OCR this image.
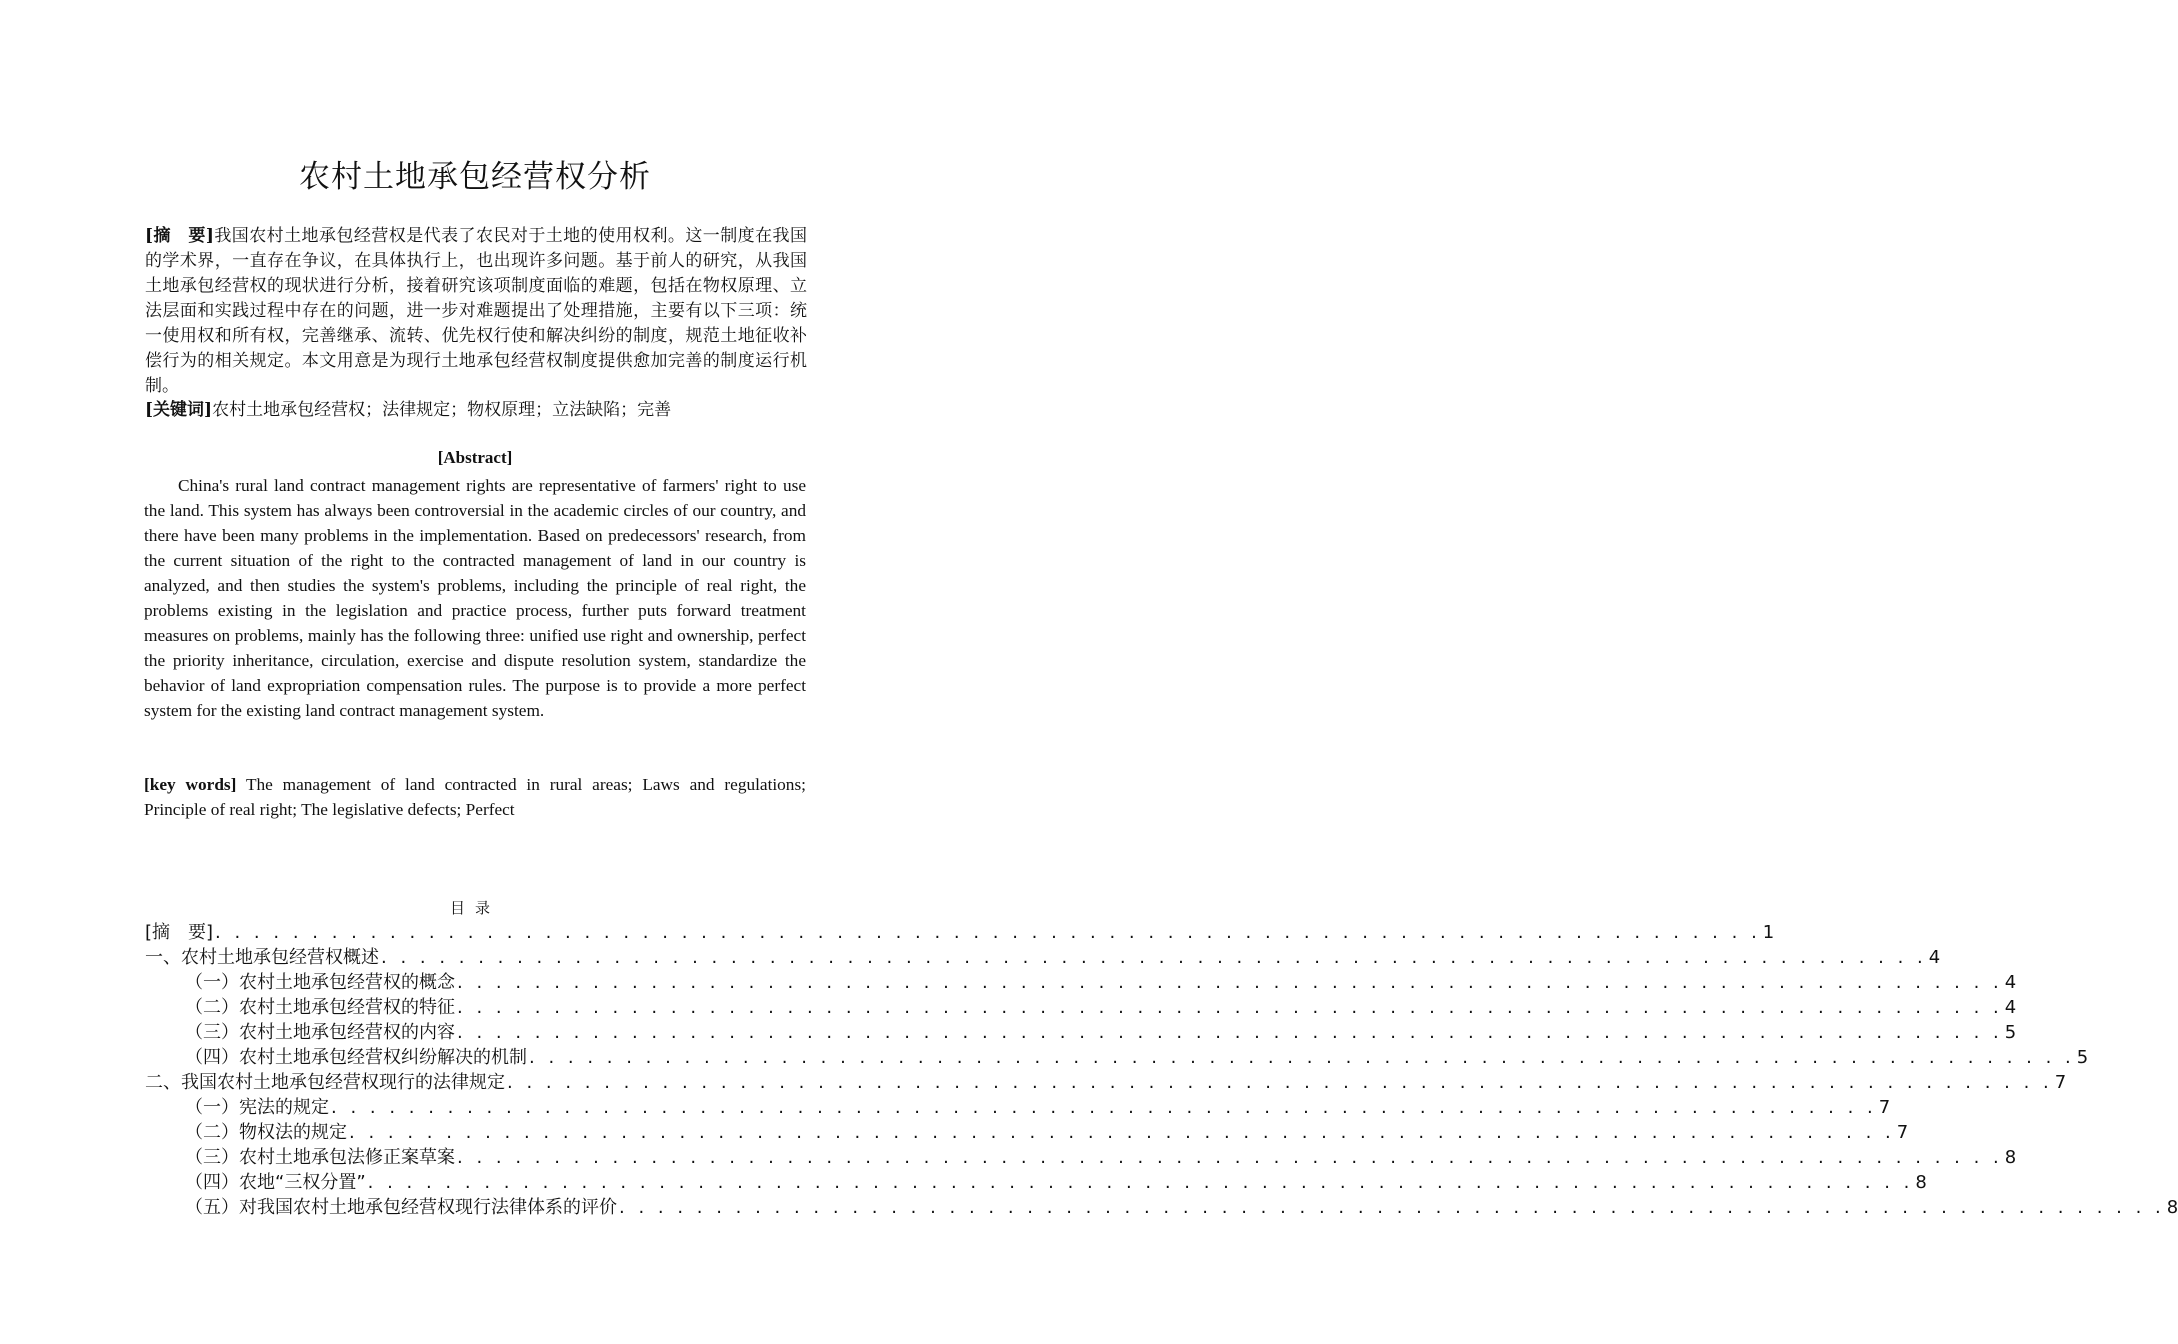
农村土地承包经营权分析
[摘　要]我国农村土地承包经营权是代表了农民对于土地的使用权利。这一制度在我国的学术界，一直存在争议，在具体执行上，也出现许多问题。基于前人的研究，从我国土地承包经营权的现状进行分析，接着研究该项制度面临的难题，包括在物权原理、立法层面和实践过程中存在的问题，进一步对难题提出了处理措施，主要有以下三项：统一使用权和所有权，完善继承、流转、优先权行使和解决纠纷的制度，规范土地征收补偿行为的相关规定。本文用意是为现行土地承包经营权制度提供愈加完善的制度运行机制。
[关键词]农村土地承包经营权；法律规定；物权原理；立法缺陷；完善
[Abstract]
China's rural land contract management rights are representative of farmers' right to use the land. This system has always been controversial in the academic circles of our country, and there have been many problems in the implementation. Based on predecessors' research, from the current situation of the right to the contracted management of land in our country is analyzed, and then studies the system's problems, including the principle of real right, the problems existing in the legislation and practice process, further puts forward treatment measures on problems, mainly has the following three: unified use right and ownership, perfect the priority inheritance, circulation, exercise and dispute resolution system, standardize the behavior of land expropriation compensation rules. The purpose is to provide a more perfect system for the existing land contract management system.
[key words] The management of land contracted in rural areas; Laws and regulations; Principle of real right; The legislative defects; Perfect
目录
[摘　要] . . . . . . . . . . . . . . . . . . . . . . . . . . . . . . . . . . . . . . . . . . . . . . . . . . . . . . . . . . . . . . . . . . . . . . . . . . . . . . . . 1
一、农村土地承包经营权概述 . . . . . . . . . . . . . . . . . . . . . . . . . . . . . . . . . . . . . . . . . . . . . . . . . . . . . . . . . . . . . . . . . . . . . . . . . . . . . . . . 4
（一）农村土地承包经营权的概念 . . . . . . . . . . . . . . . . . . . . . . . . . . . . . . . . . . . . . . . . . . . . . . . . . . . . . . . . . . . . . . . . . . . . . . . . . . . . . . . . 4
（二）农村土地承包经营权的特征 . . . . . . . . . . . . . . . . . . . . . . . . . . . . . . . . . . . . . . . . . . . . . . . . . . . . . . . . . . . . . . . . . . . . . . . . . . . . . . . . 4
（三）农村土地承包经营权的内容 . . . . . . . . . . . . . . . . . . . . . . . . . . . . . . . . . . . . . . . . . . . . . . . . . . . . . . . . . . . . . . . . . . . . . . . . . . . . . . . . 5
（四）农村土地承包经营权纠纷解决的机制 . . . . . . . . . . . . . . . . . . . . . . . . . . . . . . . . . . . . . . . . . . . . . . . . . . . . . . . . . . . . . . . . . . . . . . . . . . . . . . . . 5
二、我国农村土地承包经营权现行的法律规定 . . . . . . . . . . . . . . . . . . . . . . . . . . . . . . . . . . . . . . . . . . . . . . . . . . . . . . . . . . . . . . . . . . . . . . . . . . . . . . . . 7
（一）宪法的规定 . . . . . . . . . . . . . . . . . . . . . . . . . . . . . . . . . . . . . . . . . . . . . . . . . . . . . . . . . . . . . . . . . . . . . . . . . . . . . . . . 7
（二）物权法的规定 . . . . . . . . . . . . . . . . . . . . . . . . . . . . . . . . . . . . . . . . . . . . . . . . . . . . . . . . . . . . . . . . . . . . . . . . . . . . . . . . 7
（三）农村土地承包法修正案草案 . . . . . . . . . . . . . . . . . . . . . . . . . . . . . . . . . . . . . . . . . . . . . . . . . . . . . . . . . . . . . . . . . . . . . . . . . . . . . . . . 8
（四）农地“三权分置” . . . . . . . . . . . . . . . . . . . . . . . . . . . . . . . . . . . . . . . . . . . . . . . . . . . . . . . . . . . . . . . . . . . . . . . . . . . . . . . . 8
（五）对我国农村土地承包经营权现行法律体系的评价 . . . . . . . . . . . . . . . . . . . . . . . . . . . . . . . . . . . . . . . . . . . . . . . . . . . . . . . . . . . . . . . . . . . . . . . . . . . . . . . . 8
